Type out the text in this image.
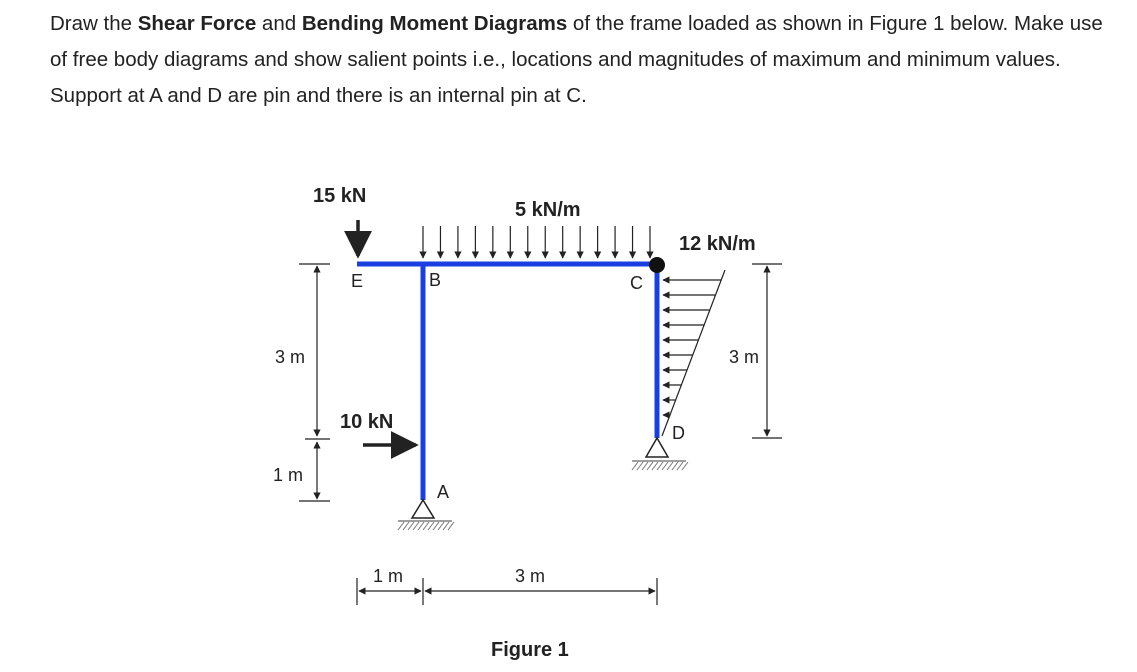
Draw the Shear Force and Bending Moment Diagrams of the frame loaded as shown in Figure 1 below. Make use of free body diagrams and show salient points i.e., locations and magnitudes of maximum and minimum values. Support at A and D are pin and there is an internal pin at C.

15 kN
5 kN/m
12 kN/m
10 kN
E	B	C
D
A
3 m
1 m
3 m
1 m	3 m
Figure 1
